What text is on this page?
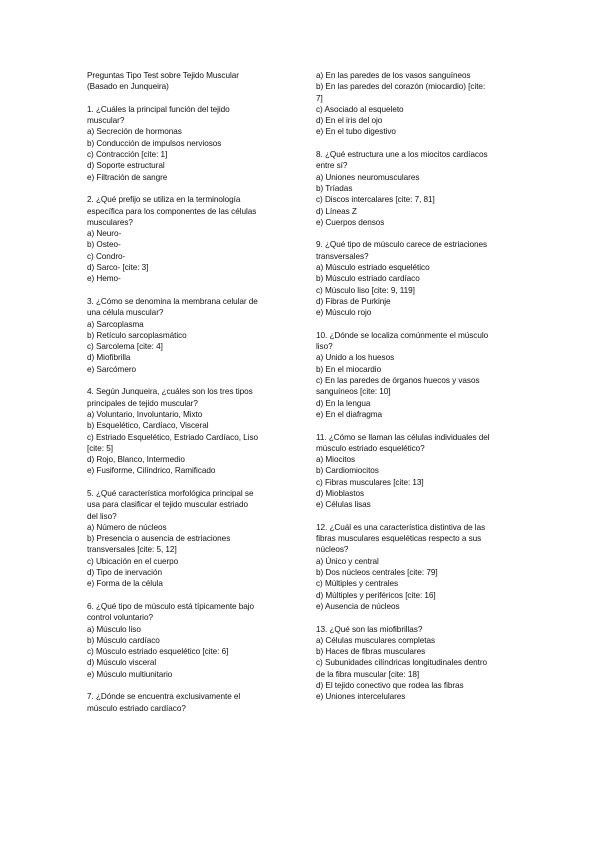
Preguntas Tipo Test sobre Tejido Muscular
(Basado en Junqueira)
1. ¿Cuáles la principal función del tejido
muscular?
a) Secreción de hormonas
b) Conducción de impulsos nerviosos
c) Contracción [cite: 1]
d) Soporte estructural
e) Filtración de sangre
2. ¿Qué prefijo se utiliza en la terminología
específica para los componentes de las células
musculares?
a) Neuro-
b) Osteo-
c) Condro-
d) Sarco- [cite: 3]
e) Hemo-
3. ¿Cómo se denomina la membrana celular de
una célula muscular?
a) Sarcoplasma
b) Retículo sarcoplasmático
c) Sarcolema [cite: 4]
d) Miofibrilla
e) Sarcómero
4. Según Junqueira, ¿cuáles son los tres tipos
principales de tejido muscular?
a) Voluntario, Involuntario, Mixto
b) Esquelético, Cardíaco, Visceral
c) Estriado Esquelético, Estriado Cardíaco, Liso
[cite: 5]
d) Rojo, Blanco, Intermedio
e) Fusiforme, Cilíndrico, Ramificado
5. ¿Qué característica morfológica principal se
usa para clasificar el tejido muscular estriado
del liso?
a) Número de núcleos
b) Presencia o ausencia de estriaciones
transversales [cite: 5, 12]
c) Ubicación en el cuerpo
d) Tipo de inervación
e) Forma de la célula
6. ¿Qué tipo de músculo está típicamente bajo
control voluntario?
a) Músculo liso
b) Músculo cardíaco
c) Músculo estriado esquelético [cite: 6]
d) Músculo visceral
e) Músculo multiunitario
7. ¿Dónde se encuentra exclusivamente el
músculo estriado cardíaco?
a) En las paredes de los vasos sanguíneos
b) En las paredes del corazón (miocardio) [cite:
7]
c) Asociado al esqueleto
d) En el iris del ojo
e) En el tubo digestivo
8. ¿Qué estructura une a los miocitos cardíacos
entre sí?
a) Uniones neuromusculares
b) Tríadas
c) Discos intercalares [cite: 7, 81]
d) Líneas Z
e) Cuerpos densos
9. ¿Qué tipo de músculo carece de estriaciones
transversales?
a) Músculo estriado esquelético
b) Músculo estriado cardíaco
c) Músculo liso [cite: 9, 119]
d) Fibras de Purkinje
e) Músculo rojo
10. ¿Dónde se localiza comúnmente el músculo
liso?
a) Unido a los huesos
b) En el miocardio
c) En las paredes de órganos huecos y vasos
sanguíneos [cite: 10]
d) En la lengua
e) En el diafragma
11. ¿Cómo se llaman las células individuales del
músculo estriado esquelético?
a) Miocitos
b) Cardiomiocitos
c) Fibras musculares [cite: 13]
d) Mioblastos
e) Células lisas
12. ¿Cuál es una característica distintiva de las
fibras musculares esqueléticas respecto a sus
núcleos?
a) Único y central
b) Dos núcleos centrales [cite: 79]
c) Múltiples y centrales
d) Múltiples y periféricos [cite: 16]
e) Ausencia de núcleos
13. ¿Qué son las miofibrillas?
a) Células musculares completas
b) Haces de fibras musculares
c) Subunidades cilíndricas longitudinales dentro
de la fibra muscular [cite: 18]
d) El tejido conectivo que rodea las fibras
e) Uniones intercelulares
